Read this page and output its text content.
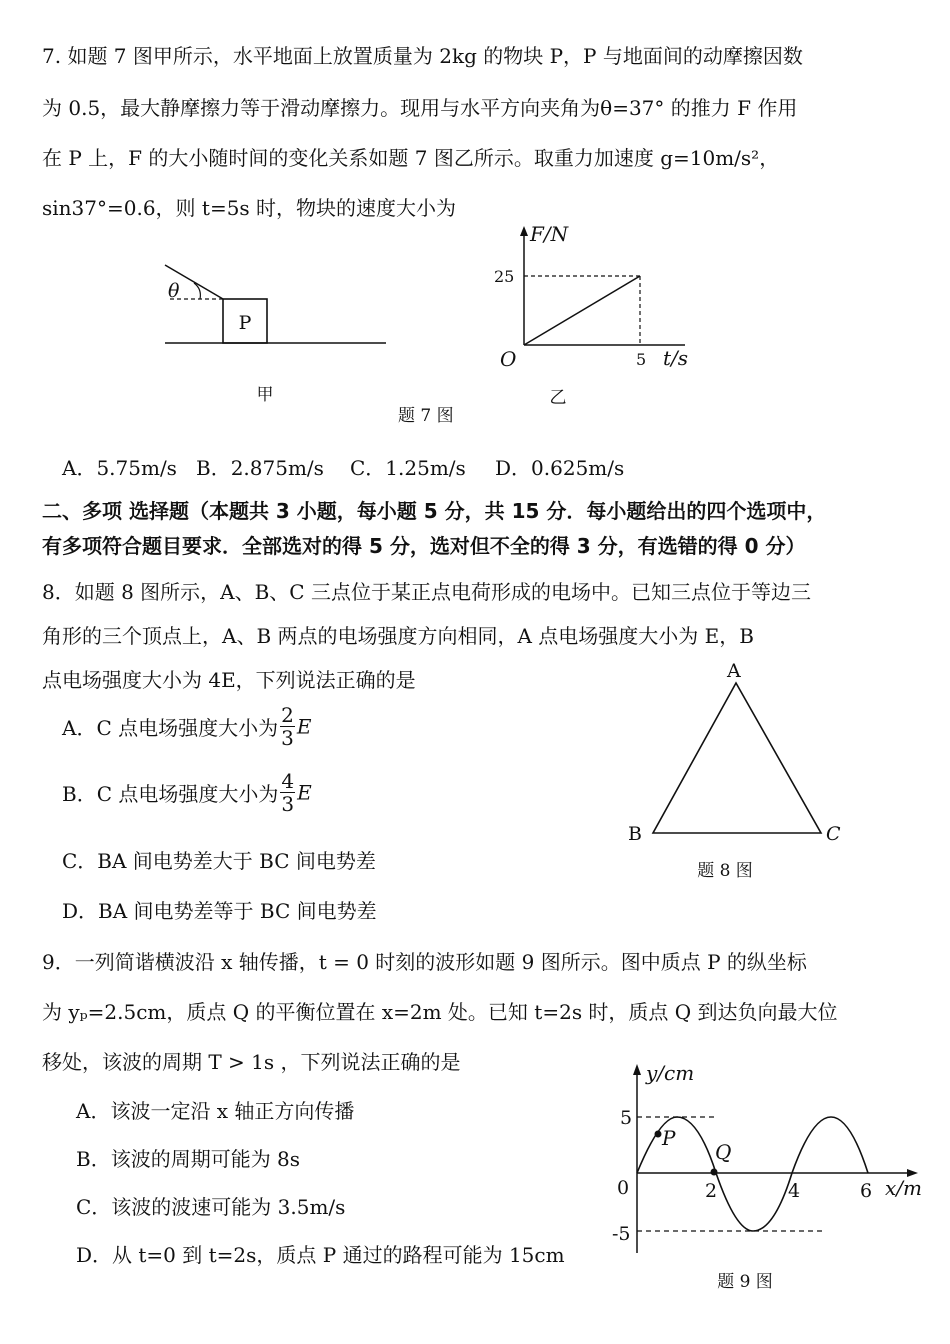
7. 如题 7 图甲所示，水平地面上放置质量为 2kg 的物块 P，P 与地面间的动摩擦因数
为 0.5，最大静摩擦力等于滑动摩擦力。现用与水平方向夹角为θ=37° 的推力 F 作用
在 P 上，F 的大小随时间的变化关系如题 7 图乙所示。取重力加速度 g=10m/s²，
sin37°=0.6，则 t=5s 时，物块的速度大小为
P
θ
甲
F/N
t/s
O
25
5
乙
题 7 图
A．5.75m/s B．2.875m/s C．1.25m/s D．0.625m/s
二、多项 选择题（本题共 3 小题，每小题 5 分，共 15 分．每小题给出的四个选项中，
有多项符合题目要求．全部选对的得 5 分，选对但不全的得 3 分，有选错的得 0 分）
8．如题 8 图所示，A、B、C 三点位于某正点电荷形成的电场中。已知三点位于等边三
角形的三个顶点上，A、B 两点的电场强度方向相同，A 点电场强度大小为 E，B
点电场强度大小为 4E，下列说法正确的是
A．C 点电场强度大小为 $\frac{2}{3}$ E
B．C 点电场强度大小为 $\frac{4}{3}$ E
C．BA 间电势差大于 BC 间电势差
D．BA 间电势差等于 BC 间电势差
A
B	C
题 8 图
9．一列简谐横波沿 x 轴传播，t = 0 时刻的波形如题 9 图所示。图中质点 P 的纵坐标
为 yₚ=2.5cm，质点 Q 的平衡位置在 x=2m 处。已知 t=2s 时，质点 Q 到达负向最大位
移处，该波的周期 T > 1s ，下列说法正确的是
A．该波一定沿 x 轴正方向传播
B．该波的周期可能为 8s
C．该波的波速可能为 3.5m/s
D．从 t=0 到 t=2s，质点 P 通过的路程可能为 15cm
y/cm
x/m
0
5
-5
2	4	6
P
Q
题 9 图
